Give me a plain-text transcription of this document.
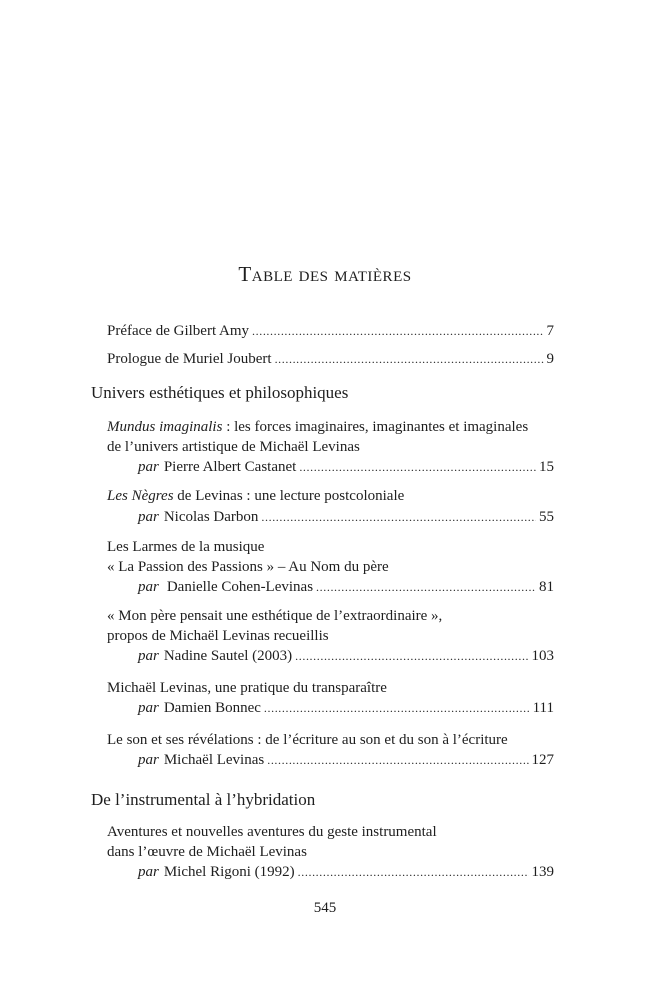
Table des matières
Préface de Gilbert Amy . . .	7
Prologue de Muriel Joubert . . .	9
Univers esthétiques et philosophiques
Mundus imaginalis : les forces imaginaires, imaginantes et imaginales
de l’univers artistique de Michaël Levinas
par Pierre Albert Castanet . . .	15
Les Nègres de Levinas : une lecture postcoloniale
par Nicolas Darbon . . .	55
Les Larmes de la musique
« La Passion des Passions » – Au Nom du père
par Danielle Cohen-Levinas . . .	81
« Mon père pensait une esthétique de l’extraordinaire »,
propos de Michaël Levinas recueillis
par Nadine Sautel (2003) . . .	103
Michaël Levinas, une pratique du transparaître
par Damien Bonnec . . .	111
Le son et ses révélations : de l’écriture au son et du son à l’écriture
par Michaël Levinas . . .	127
De l’instrumental à l’hybridation
Aventures et nouvelles aventures du geste instrumental
dans l’œuvre de Michaël Levinas
par Michel Rigoni (1992) . . .	139
545
